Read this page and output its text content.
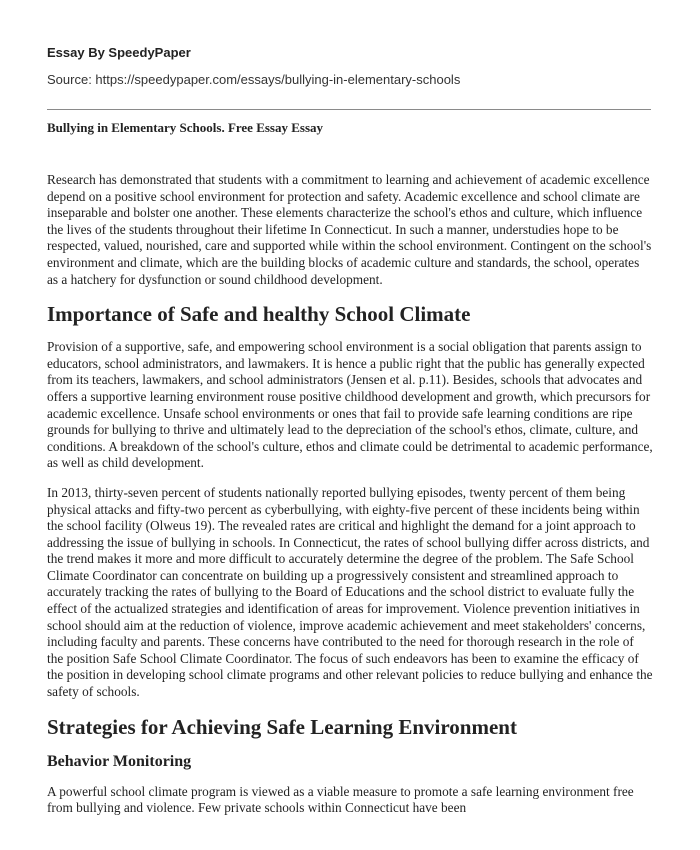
Essay By SpeedyPaper

Source: https://speedypaper.com/essays/bullying-in-elementary-schools

Bullying in Elementary Schools. Free Essay Essay

Research has demonstrated that students with a commitment to learning and achievement of academic excellence depend on a positive school environment for protection and safety. Academic excellence and school climate are inseparable and bolster one another. These elements characterize the school's ethos and culture, which influence the lives of the students throughout their lifetime In Connecticut. In such a manner, understudies hope to be respected, valued, nourished, care and supported while within the school environment. Contingent on the school's environment and climate, which are the building blocks of academic culture and standards, the school, operates as a hatchery for dysfunction or sound childhood development.

Importance of Safe and healthy School Climate

Provision of a supportive, safe, and empowering school environment is a social obligation that parents assign to educators, school administrators, and lawmakers. It is hence a public right that the public has generally expected from its teachers, lawmakers, and school administrators (Jensen et al. p.11). Besides, schools that advocates and offers a supportive learning environment rouse positive childhood development and growth, which precursors for academic excellence. Unsafe school environments or ones that fail to provide safe learning conditions are ripe grounds for bullying to thrive and ultimately lead to the depreciation of the school's ethos, climate, culture, and conditions. A breakdown of the school's culture, ethos and climate could be detrimental to academic performance, as well as child development.

In 2013, thirty-seven percent of students nationally reported bullying episodes, twenty percent of them being physical attacks and fifty-two percent as cyberbullying, with eighty-five percent of these incidents being within the school facility (Olweus 19). The revealed rates are critical and highlight the demand for a joint approach to addressing the issue of bullying in schools. In Connecticut, the rates of school bullying differ across districts, and the trend makes it more and more difficult to accurately determine the degree of the problem. The Safe School Climate Coordinator can concentrate on building up a progressively consistent and streamlined approach to accurately tracking the rates of bullying to the Board of Educations and the school district to evaluate fully the effect of the actualized strategies and identification of areas for improvement. Violence prevention initiatives in school should aim at the reduction of violence, improve academic achievement and meet stakeholders' concerns, including faculty and parents. These concerns have contributed to the need for thorough research in the role of the position Safe School Climate Coordinator. The focus of such endeavors has been to examine the efficacy of the position in developing school climate programs and other relevant policies to reduce bullying and enhance the safety of schools.

Strategies for Achieving Safe Learning Environment
Behavior Monitoring

A powerful school climate program is viewed as a viable measure to promote a safe learning environment free from bullying and violence. Few private schools within Connecticut have been
